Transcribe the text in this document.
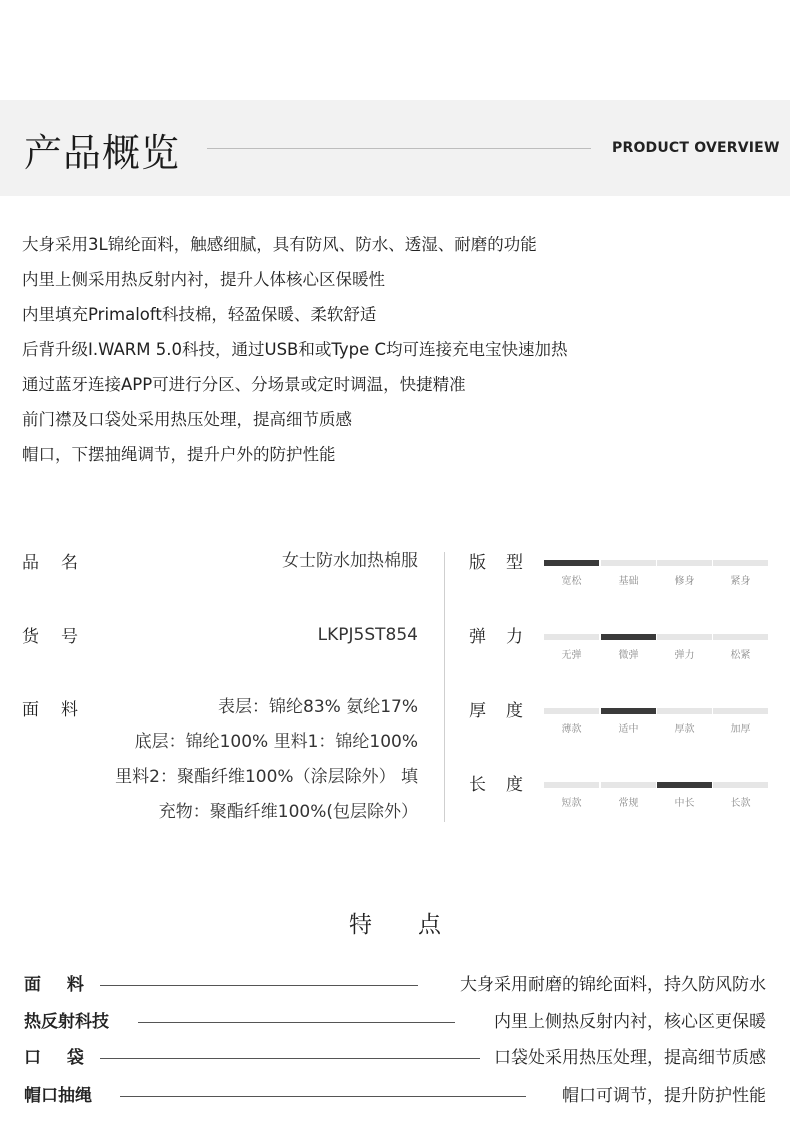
产品概览	PRODUCT OVERVIEW
大身采用3L锦纶面料，触感细腻，具有防风、防水、透湿、耐磨的功能
内里上侧采用热反射内衬，提升人体核心区保暖性
内里填充Primaloft科技棉，轻盈保暖、柔软舒适
后背升级I.WARM 5.0科技，通过USB和或Type C均可连接充电宝快速加热
通过蓝牙连接APP可进行分区、分场景或定时调温，快捷精准
前门襟及口袋处采用热压处理，提高细节质感
帽口，下摆抽绳调节，提升户外的防护性能
品名	女士防水加热棉服
货号	LKPJ5ST854
面料	表层：锦纶83% 氨纶17%
底层：锦纶100% 里料1：锦纶100%
里料2：聚酯纤维100%（涂层除外） 填
充物：聚酯纤维100%(包层除外）
版型
宽松	基础	修身	紧身
弹力
无弹	微弹	弹力	松紧
厚度
薄款	适中	厚款	加厚
长度
短款	常规	中长	长款
特点
面 料	大身采用耐磨的锦纶面料，持久防风防水
热反射科技	内里上侧热反射内衬，核心区更保暖
口 袋	口袋处采用热压处理，提高细节质感
帽口抽绳	帽口可调节，提升防护性能
